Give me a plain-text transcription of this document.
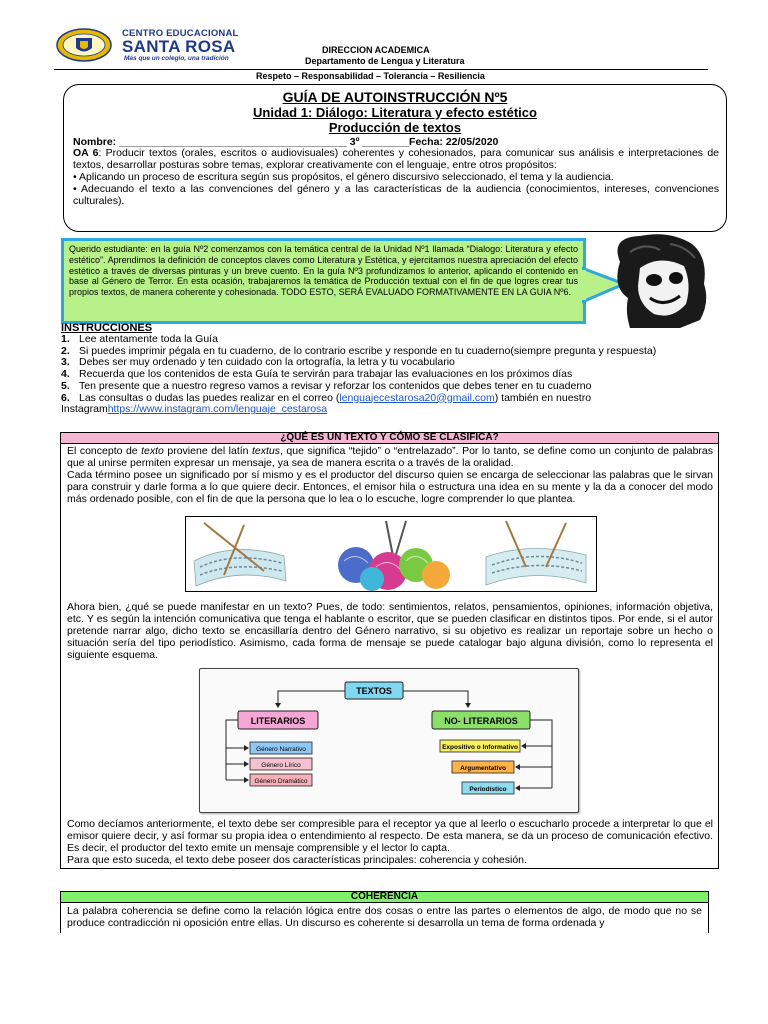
CENTRO EDUCACIONAL
SANTA ROSA
Más que un colegio, una tradición
DIRECCION ACADEMICA
Departamento de Lengua y Literatura
Respeto – Responsabilidad – Tolerancia – Resiliencia
GUÍA DE AUTOINSTRUCCIÓN Nº5
Unidad 1: Diálogo: Literatura y efecto estético
Producción de textos
Nombre: _______________________________________ 3º ________Fecha: 22/05/2020
OA 6: Producir textos (orales, escritos o audiovisuales) coherentes y cohesionados, para comunicar sus análisis e interpretaciones de textos, desarrollar posturas sobre temas, explorar creativamente con el lenguaje, entre otros propósitos:
• Aplicando un proceso de escritura según sus propósitos, el género discursivo seleccionado, el tema y la audiencia.
• Adecuando el texto a las convenciones del género y a las características de la audiencia (conocimientos, intereses, convenciones culturales).
Querido estudiante: en la guía Nº2 comenzamos con la temática central de la Unidad Nº1 llamada “Dialogo: Literatura y efecto estético”. Aprendimos la definición de conceptos claves como Literatura y Estética, y ejercitamos nuestra apreciación del efecto estético a través de diversas pinturas y un breve cuento. En la guía Nº3 profundizamos lo anterior, aplicando el contenido en base al Género de Terror. En esta ocasión, trabajaremos la temática de Producción textual con el fin de que logres crear tus propios textos, de manera coherente y cohesionada. TODO ESTO, SERÁ EVALUADO FORMATIVAMENTE EN LA GUIA Nº6.
INSTRUCCIONES
1. Lee atentamente toda la Guía
2. Si puedes imprimir pégala en tu cuaderno, de lo contrario escribe y responde en tu cuaderno(siempre pregunta y respuesta)
3. Debes ser muy ordenado y ten cuidado con la ortografía, la letra y tu vocabulario
4. Recuerda que los contenidos de esta Guía te servirán para trabajar las evaluaciones en los próximos días
5. Ten presente que a nuestro regreso vamos a revisar y reforzar los contenidos que debes tener en tu cuaderno
6. Las consultas o dudas las puedes realizar en el correo (lenguajecestarosa20@gmail.com) también en nuestro
Instagramhttps://www.instagram.com/lenguaje_cestarosa
¿QUÉ ES UN TEXTO Y CÓMO SE CLASIFICA?
El concepto de texto proviene del latín textus, que significa “tejido” o “entrelazado”. Por lo tanto, se define como un conjunto de palabras que al unirse permiten expresar un mensaje, ya sea de manera escrita o a través de la oralidad.
Cada término posee un significado por sí mismo y es el productor del discurso quien se encarga de seleccionar las palabras que le sirvan para construir y darle forma a lo que quiere decir. Entonces, el emisor hila o estructura una idea en su mente y la da a conocer del modo más ordenado posible, con el fin de que la persona que lo lea o lo escuche, logre comprender lo que plantea.
Ahora bien, ¿qué se puede manifestar en un texto? Pues, de todo: sentimientos, relatos, pensamientos, opiniones, información objetiva, etc. Y es según la intención comunicativa que tenga el hablante o escritor, que se pueden clasificar en distintos tipos. Por ende, si el autor pretende narrar algo, dicho texto se encasillaría dentro del Género narrativo, si su objetivo es realizar un reportaje sobre un hecho o situación sería del tipo periodístico. Asimismo, cada forma de mensaje se puede catalogar bajo alguna división, como lo representa el siguiente esquema.
TEXTOS
LITERARIOS	NO- LITERARIOS
Género Narrativo
Género Lírico
Género Dramático
Expositivo o Informativo
Argumentativo
Periodístico
Como decíamos anteriormente, el texto debe ser compresible para el receptor ya que al leerlo o escucharlo procede a interpretar lo que el emisor quiere decir, y así formar su propia idea o entendimiento al respecto. De esta manera, se da un proceso de comunicación efectivo. Es decir, el productor del texto emite un mensaje comprensible y el lector lo capta.
Para que esto suceda, el texto debe poseer dos características principales: coherencia y cohesión.
COHERENCIA
La palabra coherencia se define como la relación lógica entre dos cosas o entre las partes o elementos de algo, de modo que no se produce contradicción ni oposición entre ellas. Un discurso es coherente si desarrolla un tema de forma ordenada y
